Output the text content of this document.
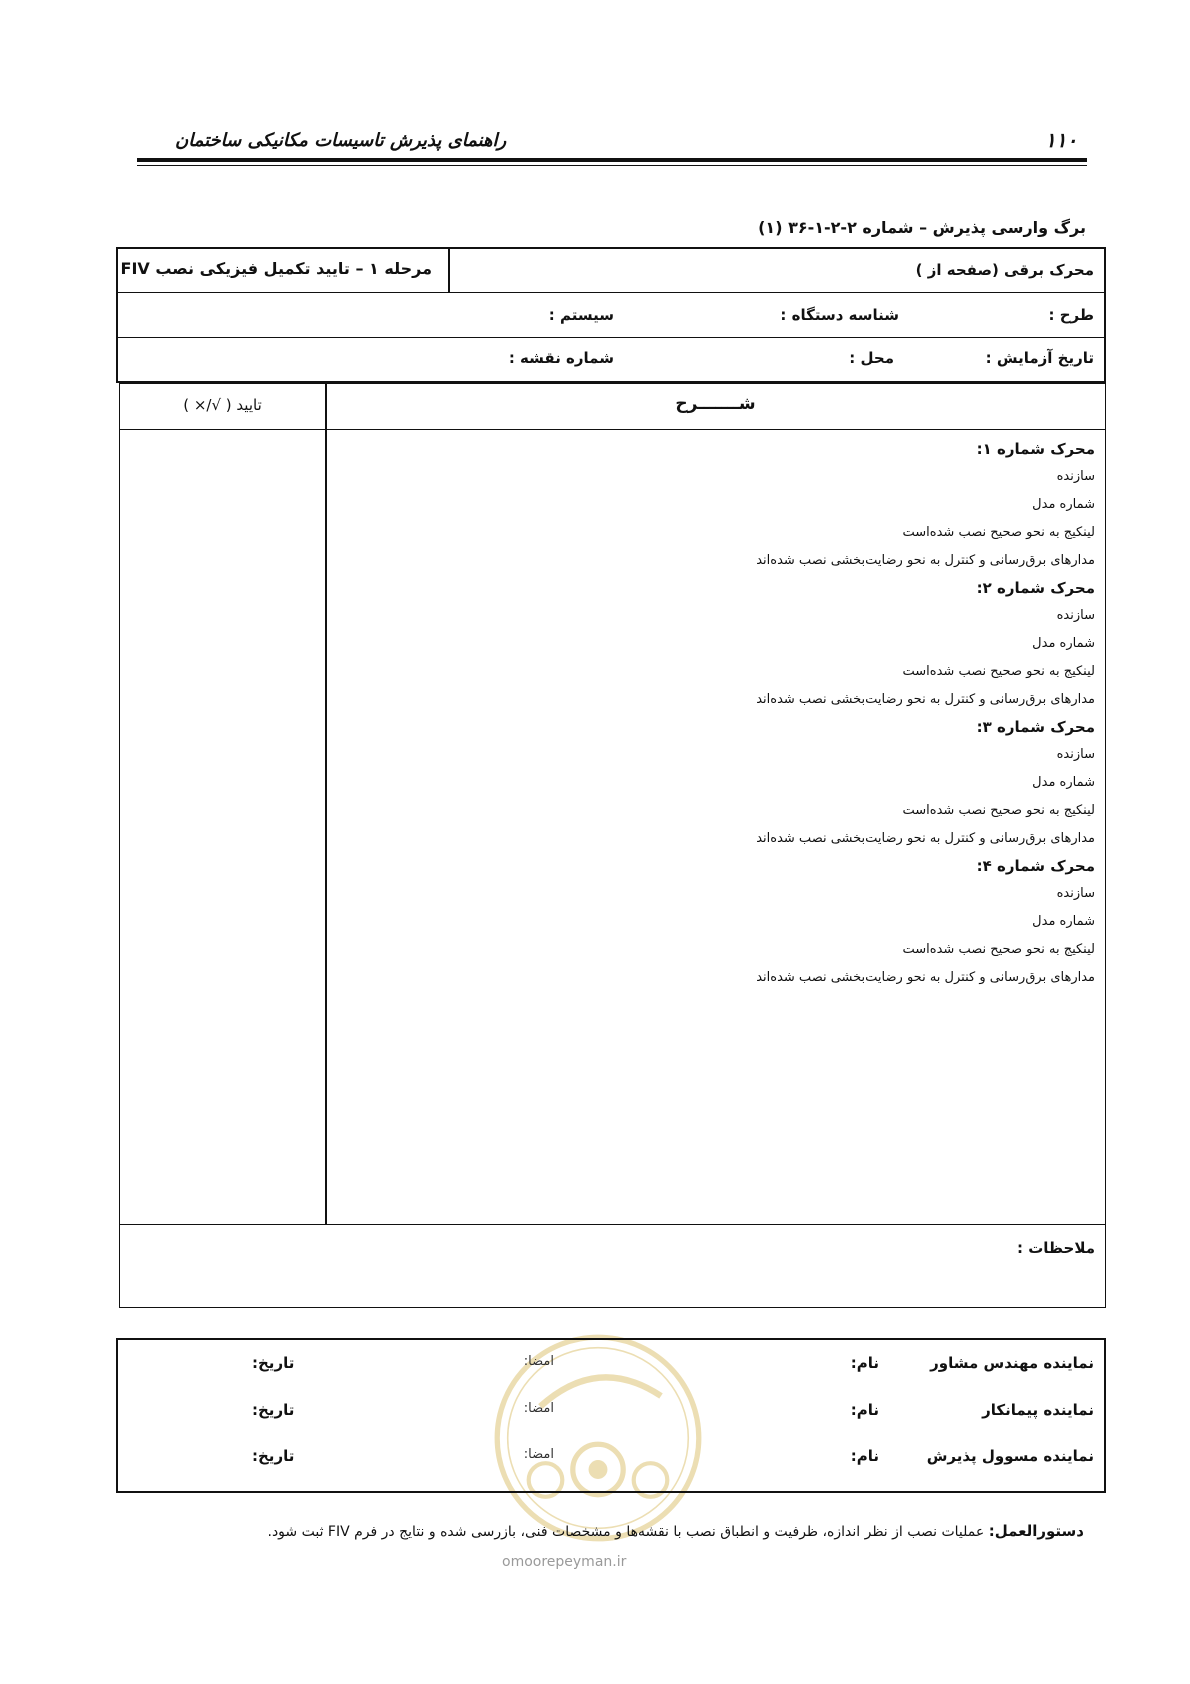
۱۱۰
راهنمای پذیرش تاسیسات مکانیکی ساختمان
برگ وارسی پذیرش – شماره ۲-۲-۱-۳۶ (۱)
محرک برقی (صفحه از )
مرحله ۱ – تایید تکمیل فیزیکی نصب FIV
طرح :
شناسه دستگاه :
سیستم :
تاریخ آزمایش :
محل :
شماره نقشه :
تایید ( √/× )	شـــــــرح
محرک شماره ۱:
سازنده
شماره مدل
لینکیج به نحو صحیح نصب شده‌است
مدارهای برق‌رسانی و کنترل به نحو رضایت‌بخشی نصب شده‌اند
محرک شماره ۲:
سازنده
شماره مدل
لینکیج به نحو صحیح نصب شده‌است
مدارهای برق‌رسانی و کنترل به نحو رضایت‌بخشی نصب شده‌اند
محرک شماره ۳:
سازنده
شماره مدل
لینکیج به نحو صحیح نصب شده‌است
مدارهای برق‌رسانی و کنترل به نحو رضایت‌بخشی نصب شده‌اند
محرک شماره ۴:
سازنده
شماره مدل
لینکیج به نحو صحیح نصب شده‌است
مدارهای برق‌رسانی و کنترل به نحو رضایت‌بخشی نصب شده‌اند
ملاحظات :
نماینده مهندس مشاور
نام:
امضا:
تاریخ:
نماینده پیمانکار
نام:
امضا:
تاریخ:
نماینده مسوول پذیرش
نام:
امضا:
تاریخ:
دستورالعمل: عملیات نصب از نظر اندازه، ظرفیت و انطباق نصب با نقشه‌ها و مشخصات فنی، بازرسی شده و نتایج در فرم FIV ثبت شود.
omoorepeyman.ir
